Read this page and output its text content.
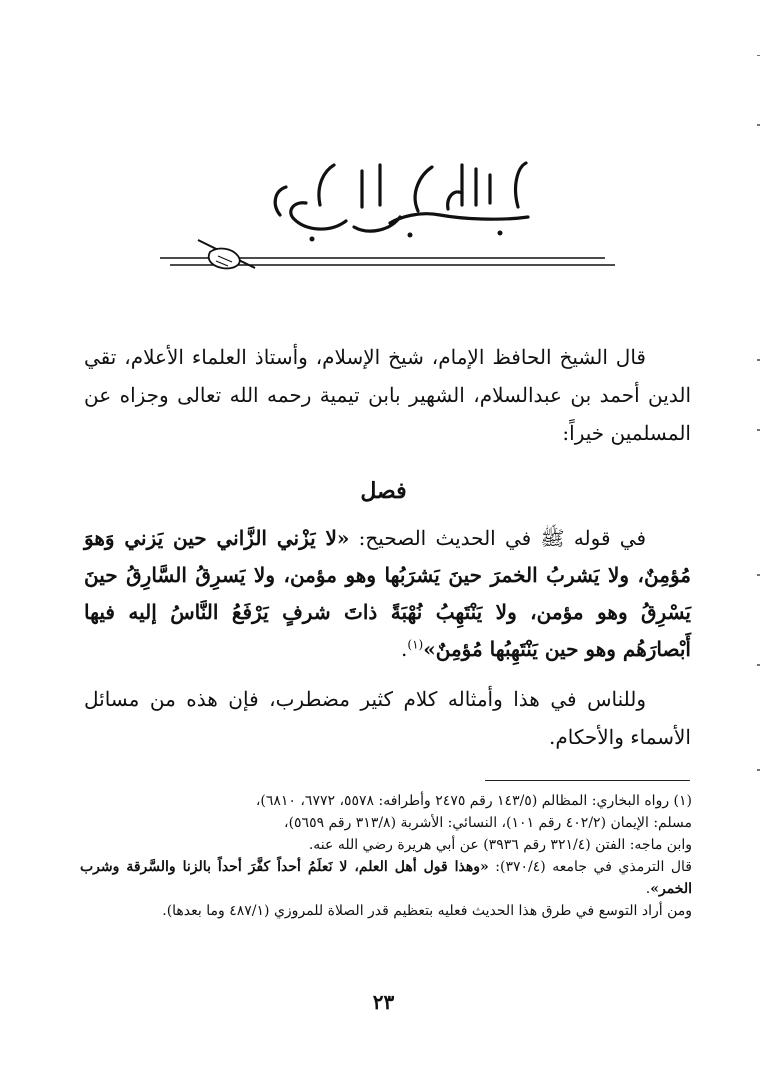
قال الشيخ الحافظ الإمام، شيخ الإسلام، وأستاذ العلماء الأعلام، تقي الدين أحمد بن عبدالسلام، الشهير بابن تيمية رحمه الله تعالى وجزاه عن المسلمين خيراً:

فصل

في قوله ﷺ في الحديث الصحيح: «لا يَزْني الزَّاني حين يَزني وَهوَ مُؤمِنٌ، ولا يَشربُ الخمرَ حينَ يَشرَبُها وهو مؤمن، ولا يَسرِقُ السَّارِقُ حينَ يَسْرِقُ وهو مؤمن، ولا يَنْتَهِبُ نُهْبَةً ذاتَ شرفٍ يَرْفَعُ النَّاسُ إليه فيها أَبْصارَهُم وهو حين يَنْتَهِبُها مُؤمِنٌ»$^{(١)}$.

وللناس في هذا وأمثاله كلام كثير مضطرب، فإن هذه من مسائل الأسماء والأحكام.

(١) رواه البخاري: المظالم (١٤٣/٥ رقم ٢٤٧٥ وأطرافه: ٥٥٧٨، ٦٧٧٢، ٦٨١٠)،

مسلم: الإيمان (٤٠٢/٢ رقم ١٠١)، النسائي: الأشربة (٣١٣/٨ رقم ٥٦٥٩)،

وابن ماجه: الفتن (٣٢١/٤ رقم ٣٩٣٦) عن أبي هريرة رضي الله عنه.

قال الترمذي في جامعه (٣٧٠/٤): «وهذا قول أهل العلم، لا نَعلَمُ أحداً كفَّرَ أحداً بالزنا والسَّرقة وشرب الخمر».

ومن أراد التوسع في طرق هذا الحديث فعليه بتعظيم قدر الصلاة للمروزي (٤٨٧/١ وما بعدها).

٢٣
